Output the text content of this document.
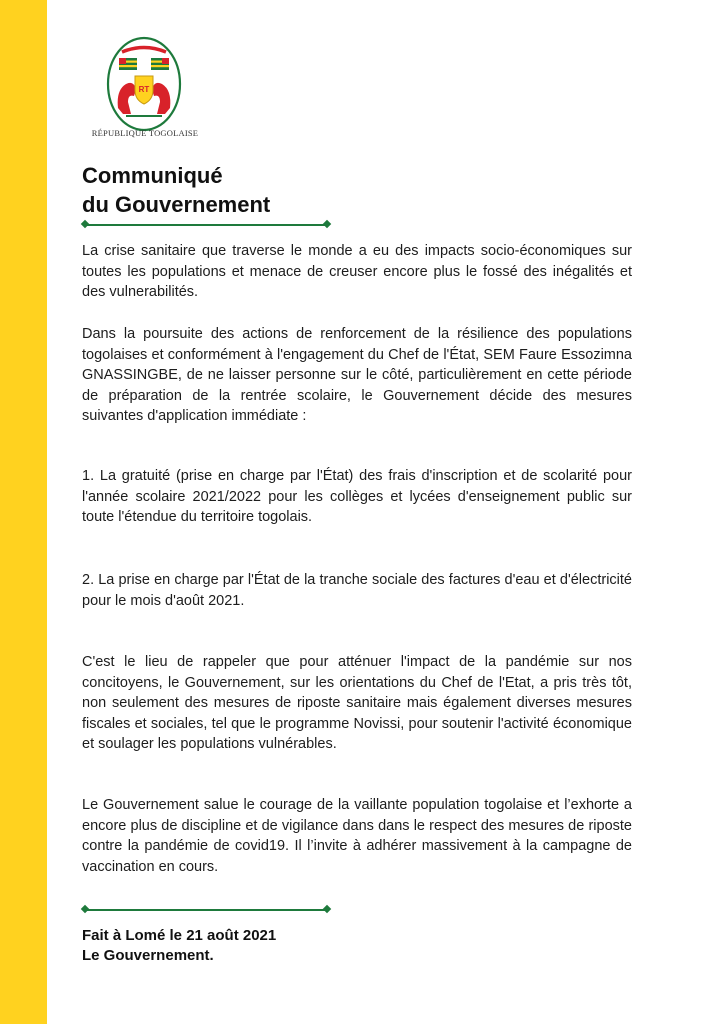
RT
RÉPUBLIQUE TOGOLAISE
Communiqué
du Gouvernement

La crise sanitaire que traverse le monde a eu des impacts socio-économiques sur toutes les populations et menace de creuser encore plus le fossé des inégalités et des vulnerabilités.

Dans la poursuite des actions de renforcement de la résilience des populations togolaises et conformément à l'engagement du Chef de l'État, SEM Faure Essozimna GNASSINGBE, de ne laisser personne sur le côté, particulièrement en cette période de préparation de la rentrée scolaire, le Gouvernement décide des mesures suivantes d'application immédiate :

1. La gratuité (prise en charge par l'État) des frais d'inscription et de scolarité pour l'année scolaire 2021/2022 pour les collèges et lycées d'enseignement public sur toute l'étendue du territoire togolais.

2. La prise en charge par l'État de la tranche sociale des factures d'eau et d'électricité pour le mois d'août 2021.

C'est le lieu de rappeler que pour atténuer l'impact de la pandémie sur nos concitoyens, le Gouvernement, sur les orientations du Chef de l'Etat, a pris très tôt, non seulement des mesures de riposte sanitaire mais également diverses mesures fiscales et sociales, tel que le programme Novissi, pour soutenir l'activité économique et soulager les populations vulnérables.

Le Gouvernement salue le courage de la vaillante population togolaise et l’exhorte a encore plus de discipline et de vigilance dans dans le respect des mesures de riposte contre la pandémie de covid19. Il l’invite à adhérer massivement à la campagne de vaccination en cours.

Fait à Lomé le 21 août 2021
Le Gouvernement.
